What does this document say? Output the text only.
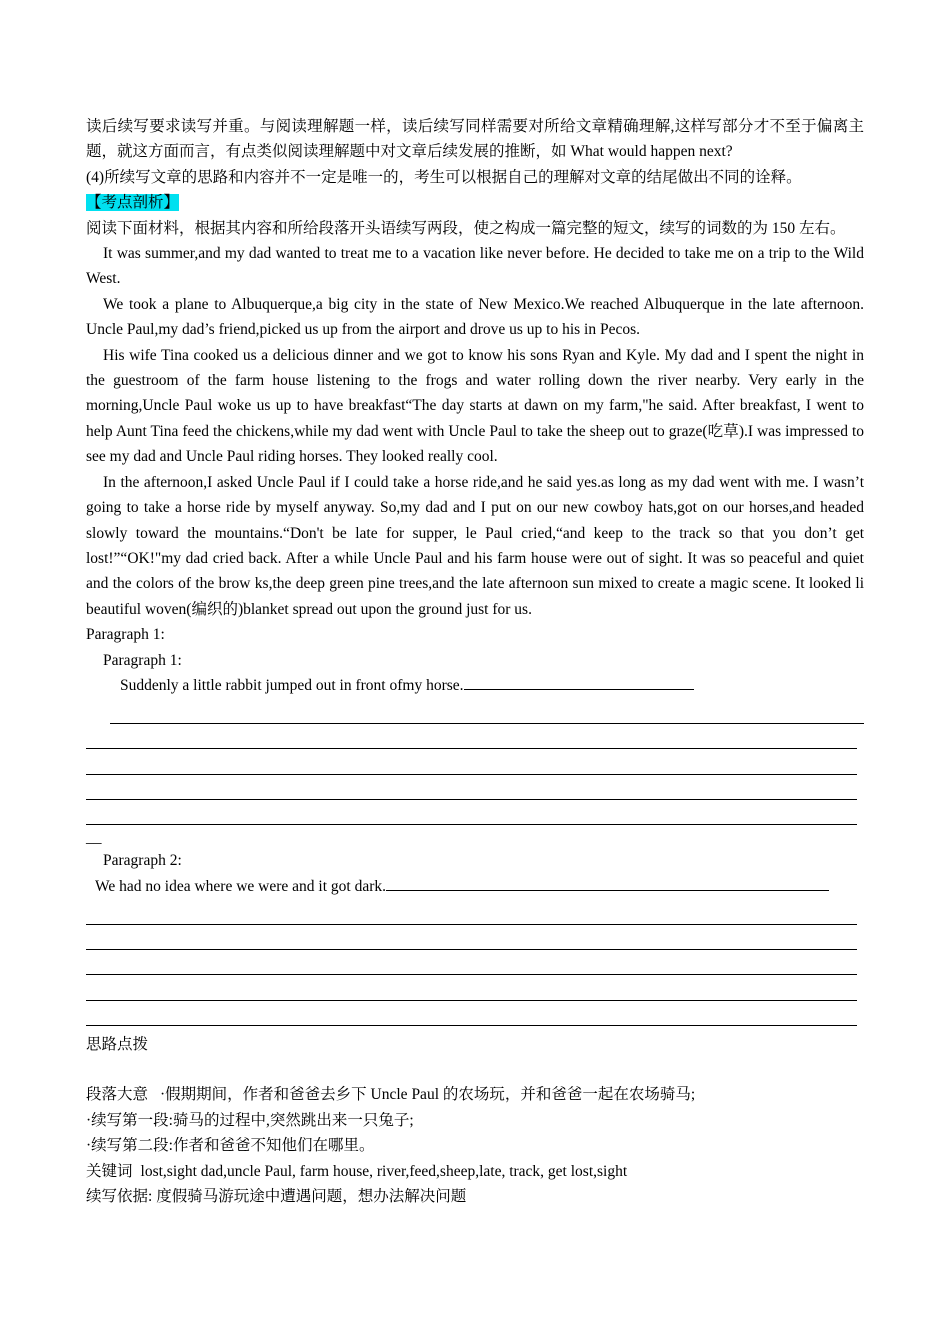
读后续写要求读写并重。与阅读理解题一样，读后续写同样需要对所给文章精确理解,这样写部分才不至于偏离主题，就这方面而言，有点类似阅读理解题中对文章后续发展的推断，如 What would happen next?

(4)所续写文章的思路和内容并不一定是唯一的，考生可以根据自己的理解对文章的结尾做出不同的诠释。

【考点剖析】

阅读下面材料，根据其内容和所给段落开头语续写两段，使之构成一篇完整的短文，续写的词数的为 150 左右。

It was summer,and my dad wanted to treat me to a vacation like never before. He decided to take me on a trip to the Wild West.

We took a plane to Albuquerque,a big city in the state of New Mexico.We reached Albuquerque in the late afternoon. Uncle Paul,my dad’s friend,picked us up from the airport and drove us up to his in Pecos.

His wife Tina cooked us a delicious dinner and we got to know his sons Ryan and Kyle. My dad and I spent the night in the guestroom of the farm house listening to the frogs and water rolling down the river nearby. Very early in the morning,Uncle Paul woke us up to have breakfast“The day starts at dawn on my farm,"he said. After breakfast, I went to help Aunt Tina feed the chickens,while my dad went with Uncle Paul to take the sheep out to graze(吃草).I was impressed to see my dad and Uncle Paul riding horses. They looked really cool.

In the afternoon,I asked Uncle Paul if I could take a horse ride,and he said yes.as long as my dad went with me. I wasn’t going to take a horse ride by myself anyway. So,my dad and I put on our new cowboy hats,got on our horses,and headed slowly toward the mountains.“Don't be late for supper, le Paul cried,“and keep to the track so that you don’t get lost!”“OK!"my dad cried back. After a while Uncle Paul and his farm house were out of sight. It was so peaceful and quiet and the colors of the brow ks,the deep green pine trees,and the late afternoon sun mixed to create a magic scene. It looked li beautiful woven(编织的)blanket spread out upon the ground just for us.

Paragraph 1:

Paragraph 1:

Suddenly a little rabbit jumped out in front ofmy horse.

__

Paragraph 2:

We had no idea where we were and it got dark.

思路点拨

段落大意 ·假期期间，作者和爸爸去乡下 Uncle Paul 的农场玩，并和爸爸一起在农场骑马;

·续写第一段:骑马的过程中,突然跳出来一只兔子;

·续写第二段:作者和爸爸不知他们在哪里。

关键词 lost,sight dad,uncle Paul, farm house, river,feed,sheep,late, track, get lost,sight

续写依据: 度假骑马游玩途中遭遇问题，想办法解决问题
